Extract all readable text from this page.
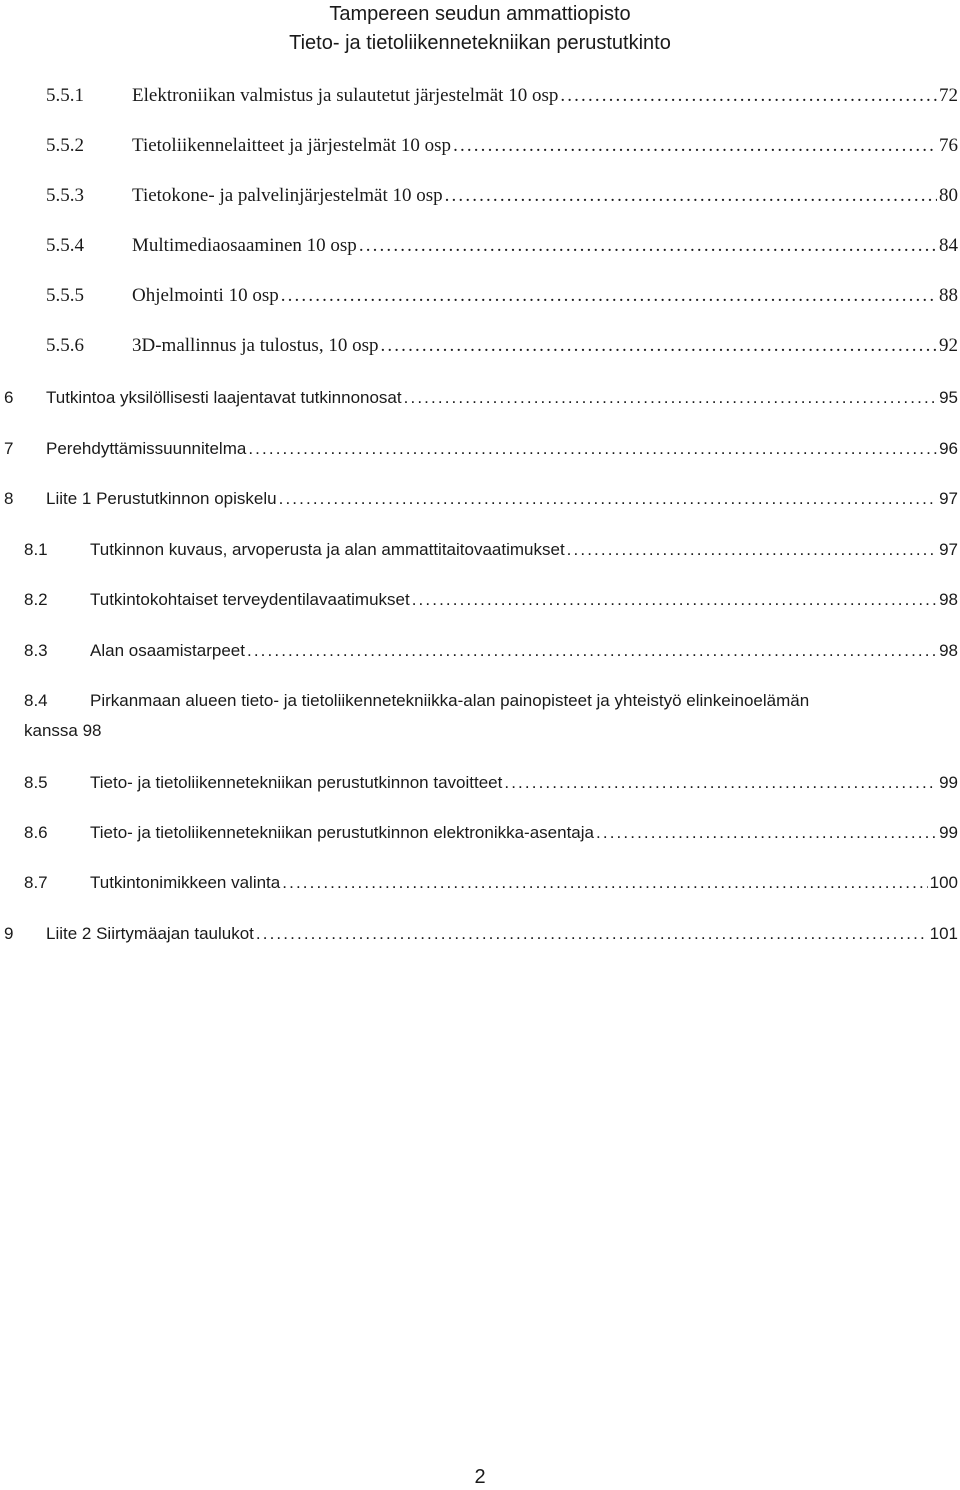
Tampereen seudun ammattiopisto
Tieto- ja tietoliikennetekniikan perustutkinto
5.5.1	Elektroniikan valmistus ja sulautetut järjestelmät 10 osp . . .	72
5.5.2	Tietoliikennelaitteet ja järjestelmät 10 osp . . .	76
5.5.3	Tietokone- ja palvelinjärjestelmät 10 osp . . .	80
5.5.4	Multimediaosaaminen 10 osp . . .	84
5.5.5	Ohjelmointi 10 osp . . .	88
5.5.6	3D-mallinnus ja tulostus, 10 osp . . .	92
6	Tutkintoa yksilöllisesti laajentavat tutkinnonosat . . .	95
7	Perehdyttämissuunnitelma . . .	96
8	Liite 1 Perustutkinnon opiskelu . . .	97
8.1	Tutkinnon kuvaus, arvoperusta ja alan ammattitaitovaatimukset . . .	97
8.2	Tutkintokohtaiset terveydentilavaatimukset . . .	98
8.3	Alan osaamistarpeet . . .	98
8.4	Pirkanmaan alueen tieto- ja tietoliikennetekniikka-alan painopisteet ja yhteistyö elinkeinoelämän
kanssa 98
8.5	Tieto- ja tietoliikennetekniikan perustutkinnon tavoitteet . . .	99
8.6	Tieto- ja tietoliikennetekniikan perustutkinnon elektronikka-asentaja . . .	99
8.7	Tutkintonimikkeen valinta . . .	100
9	Liite 2 Siirtymäajan taulukot . . .	101
2
